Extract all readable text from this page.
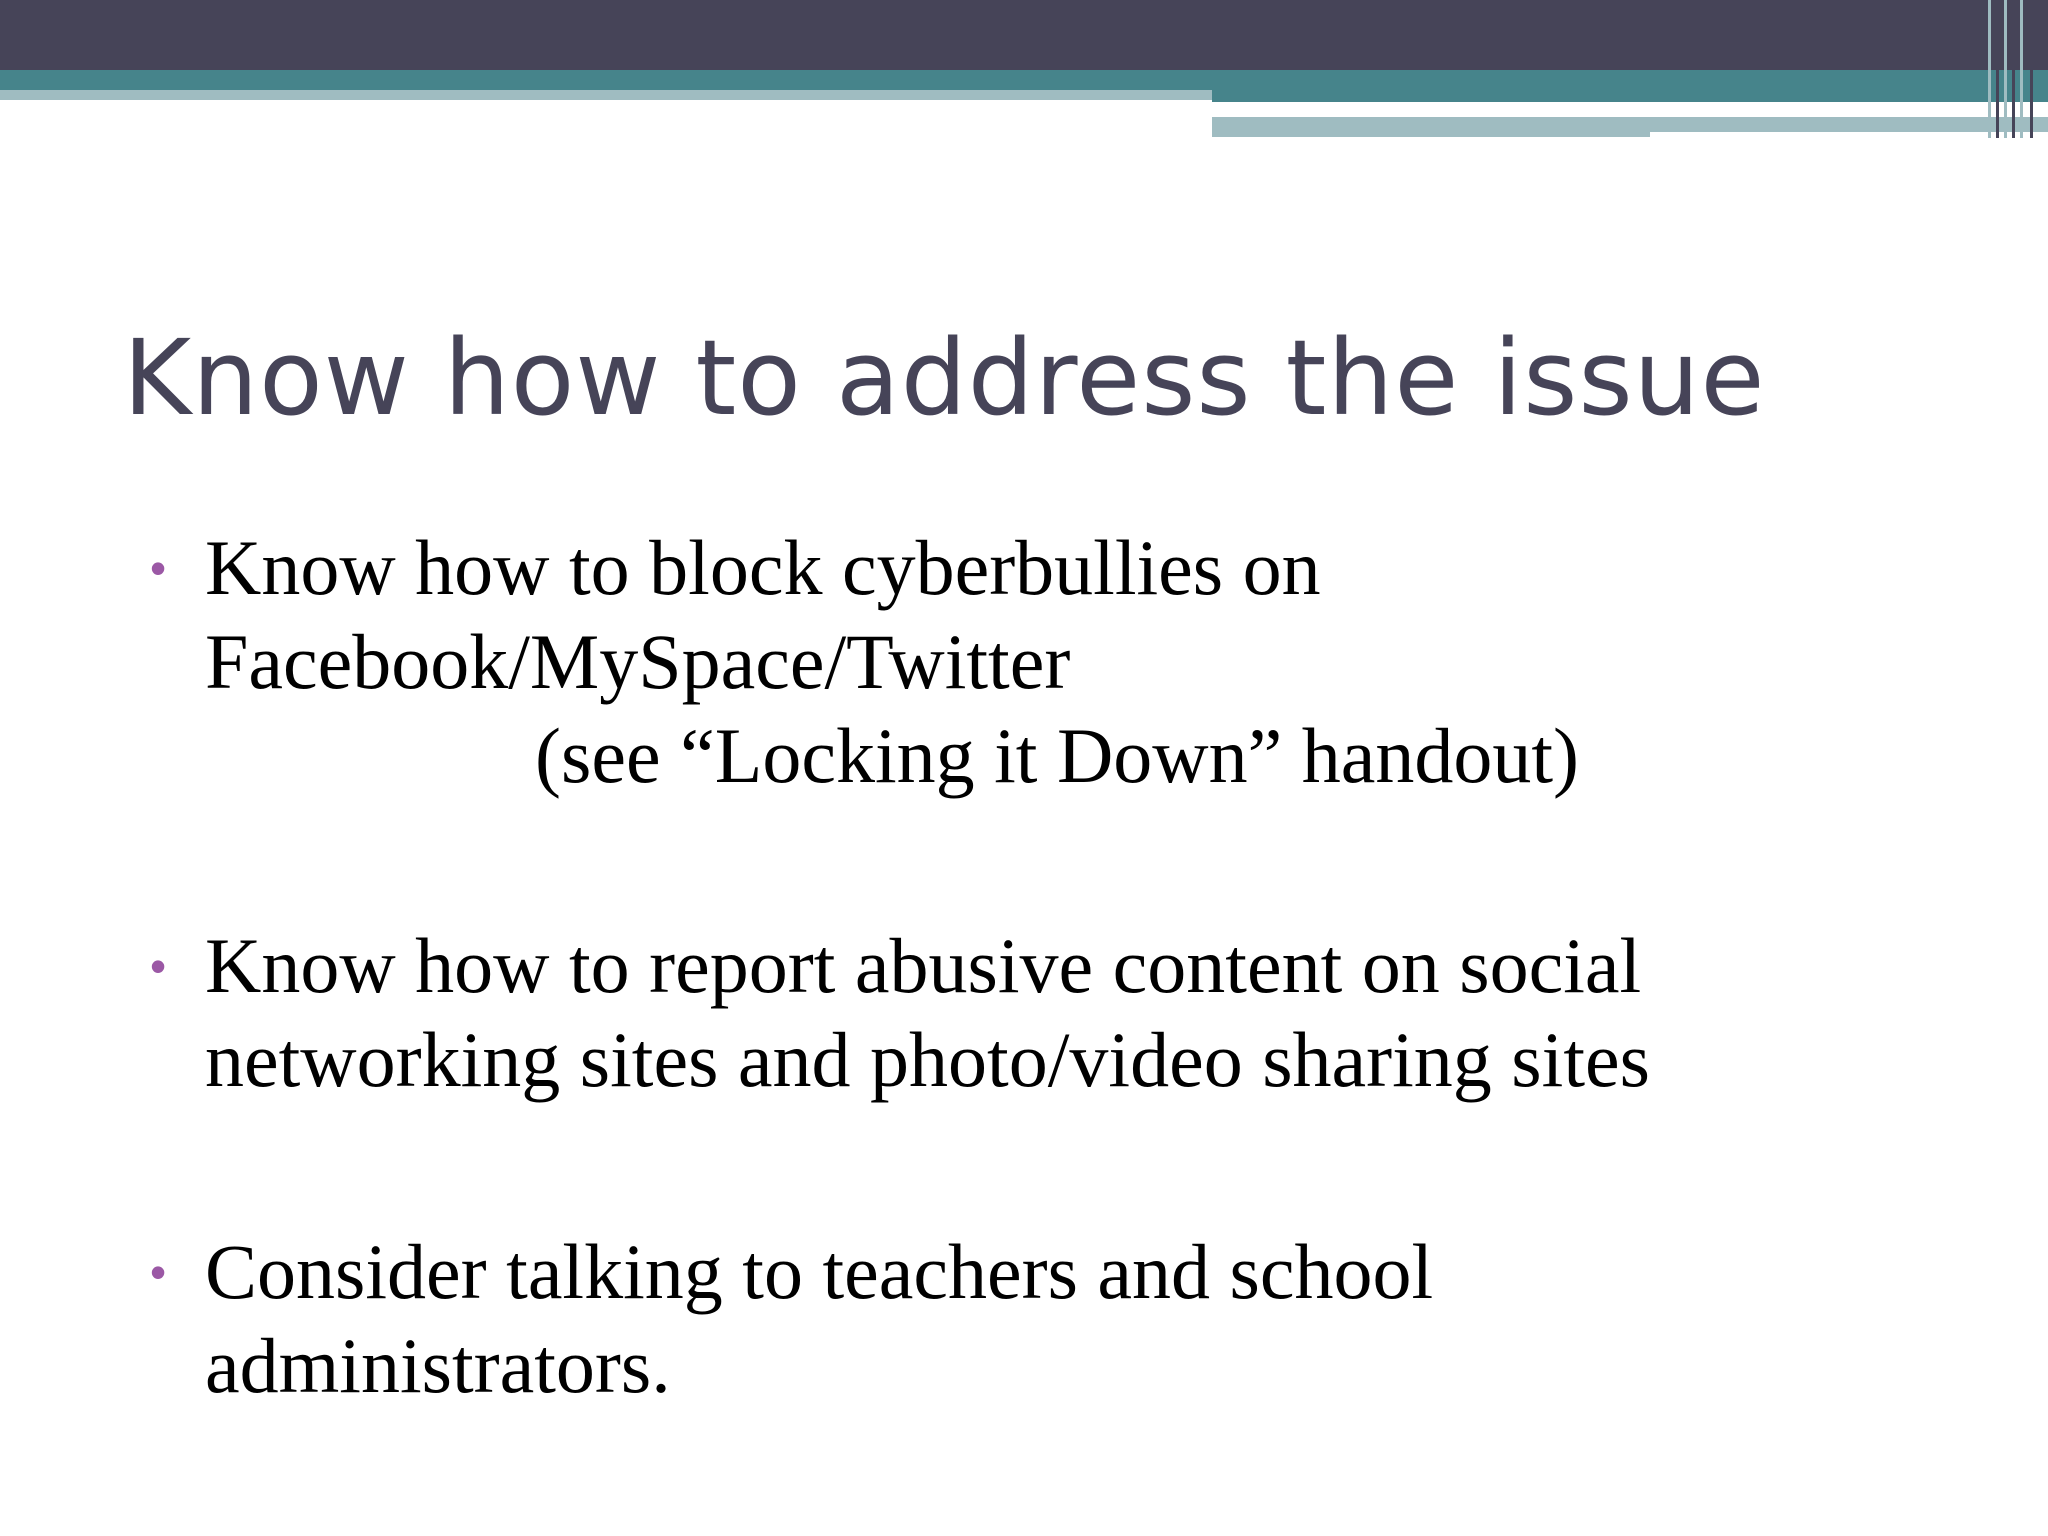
Know how to address the issue
• Know how to block cyberbullies on
Facebook/MySpace/Twitter
(see “Locking it Down” handout)
• Know how to report abusive content on social
networking sites and photo/video sharing sites
• Consider talking to teachers and school
administrators.
